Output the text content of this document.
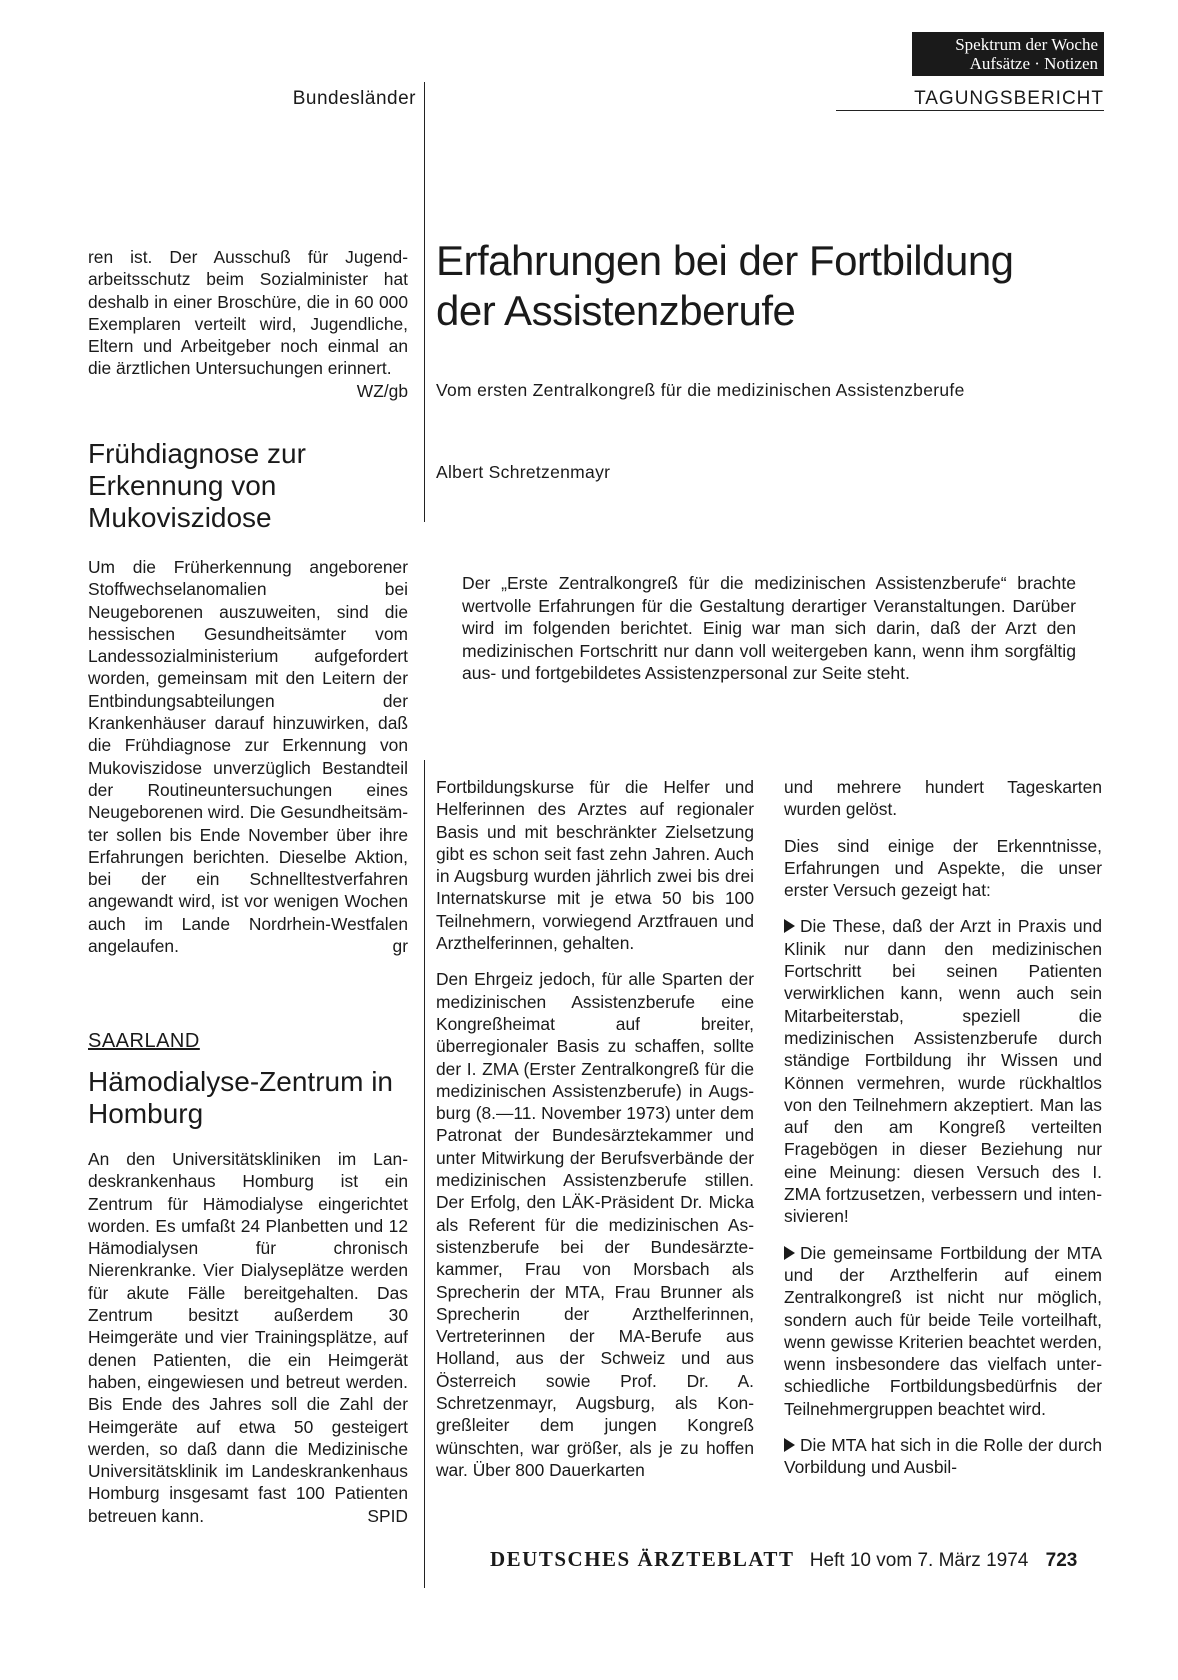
Spektrum der Woche
Aufsätze · Notizen
Bundesländer	TAGUNGSBERICHT

ren ist. Der Ausschuß für Jugendarbeitsschutz beim Sozialminister hat deshalb in einer Broschüre, die in 60 000 Exemplaren verteilt wird, Jugendliche, Eltern und Arbeitgeber noch einmal an die ärztlichen Untersuchungen erinnert.
WZ/gb

Frühdiagnose zur Erkennung von Mukoviszidose

Um die Früherkennung angeborener Stoffwechselanomalien bei Neugeborenen auszuweiten, sind die hessischen Gesundheitsämter vom Landessozialministerium aufgefordert worden, gemeinsam mit den Leitern der Entbindungsabteilungen der Krankenhäuser darauf hinzuwirken, daß die Frühdiagnose zur Erkennung von Mukoviszidose unverzüglich Bestandteil der Routineuntersuchungen eines Neugeborenen wird. Die Gesundheitsämter sollen bis Ende November über ihre Erfahrungen berichten. Dieselbe Aktion, bei der ein Schnelltestverfahren angewandt wird, ist vor wenigen Wochen auch im Lande Nordrhein-Westfalen angelaufen.	gr

SAARLAND
Hämodialyse-Zentrum in Homburg

An den Universitätskliniken im Landeskrankenhaus Homburg ist ein Zentrum für Hämodialyse eingerichtet worden. Es umfaßt 24 Planbetten und 12 Hämodialysen für chronisch Nierenkranke. Vier Dialyseplätze werden für akute Fälle bereitgehalten. Das Zentrum besitzt außerdem 30 Heimgeräte und vier Trainingsplätze, auf denen Patienten, die ein Heimgerät haben, eingewiesen und betreut werden. Bis Ende des Jahres soll die Zahl der Heimgeräte auf etwa 50 gesteigert werden, so daß dann die Medizinische Universitätsklinik im Landeskrankenhaus Homburg insgesamt fast 100 Patienten betreuen kann.	SPID

Erfahrungen bei der Fortbildung
der Assistenzberufe
Vom ersten Zentralkongreß für die medizinischen Assistenzberufe
Albert Schretzenmayr
Der „Erste Zentralkongreß für die medizinischen Assistenzberufe“ brachte wertvolle Erfahrungen für die Gestaltung derartiger Veranstaltungen. Darüber wird im folgenden berichtet. Einig war man sich darin, daß der Arzt den medizinischen Fortschritt nur dann voll weitergeben kann, wenn ihm sorgfältig aus- und fortgebildetes Assistenzpersonal zur Seite steht.

Fortbildungskurse für die Helfer und Helferinnen des Arztes auf regionaler Basis und mit beschränkter Zielsetzung gibt es schon seit fast zehn Jahren. Auch in Augsburg wurden jährlich zwei bis drei Internatskurse mit je etwa 50 bis 100 Teilnehmern, vorwiegend Arztfrauen und Arzthelferinnen, gehalten.

Den Ehrgeiz jedoch, für alle Sparten der medizinischen Assistenzberufe eine Kongreßheimat auf breiter, überregionaler Basis zu schaffen, sollte der I. ZMA (Erster Zentralkongreß für die medizinischen Assistenzberufe) in Augsburg (8.—11. November 1973) unter dem Patronat der Bundesärztekammer und unter Mitwirkung der Berufsverbände der medizinischen Assistenzberufe stillen. Der Erfolg, den LÄK-Präsident Dr. Micka als Referent für die medizinischen Assistenzberufe bei der Bundesärztekammer, Frau von Morsbach als Sprecherin der MTA, Frau Brunner als Sprecherin der Arzthelferinnen, Vertreterinnen der MA-Berufe aus Holland, aus der Schweiz und aus Österreich sowie Prof. Dr. A. Schretzenmayr, Augsburg, als Kongreßleiter dem jungen Kongreß wünschten, war größer, als je zu hoffen war. Über 800 Dauerkarten

und mehrere hundert Tageskarten wurden gelöst.

Dies sind einige der Erkenntnisse, Erfahrungen und Aspekte, die unser erster Versuch gezeigt hat:

Die These, daß der Arzt in Praxis und Klinik nur dann den medizinischen Fortschritt bei seinen Patienten verwirklichen kann, wenn auch sein Mitarbeiterstab, speziell die medizinischen Assistenzberufe durch ständige Fortbildung ihr Wissen und Können vermehren, wurde rückhaltlos von den Teilnehmern akzeptiert. Man las auf den am Kongreß verteilten Fragebögen in dieser Beziehung nur eine Meinung: diesen Versuch des I. ZMA fortzusetzen, verbessern und intensivieren!

Die gemeinsame Fortbildung der MTA und der Arzthelferin auf einem Zentralkongreß ist nicht nur möglich, sondern auch für beide Teile vorteilhaft, wenn gewisse Kriterien beachtet werden, wenn insbesondere das vielfach unterschiedliche Fortbildungsbedürfnis der Teilnehmergruppen beachtet wird.

Die MTA hat sich in die Rolle der durch Vorbildung und Ausbil-

DEUTSCHES ÄRZTEBLATT Heft 10 vom 7. März 1974 723
